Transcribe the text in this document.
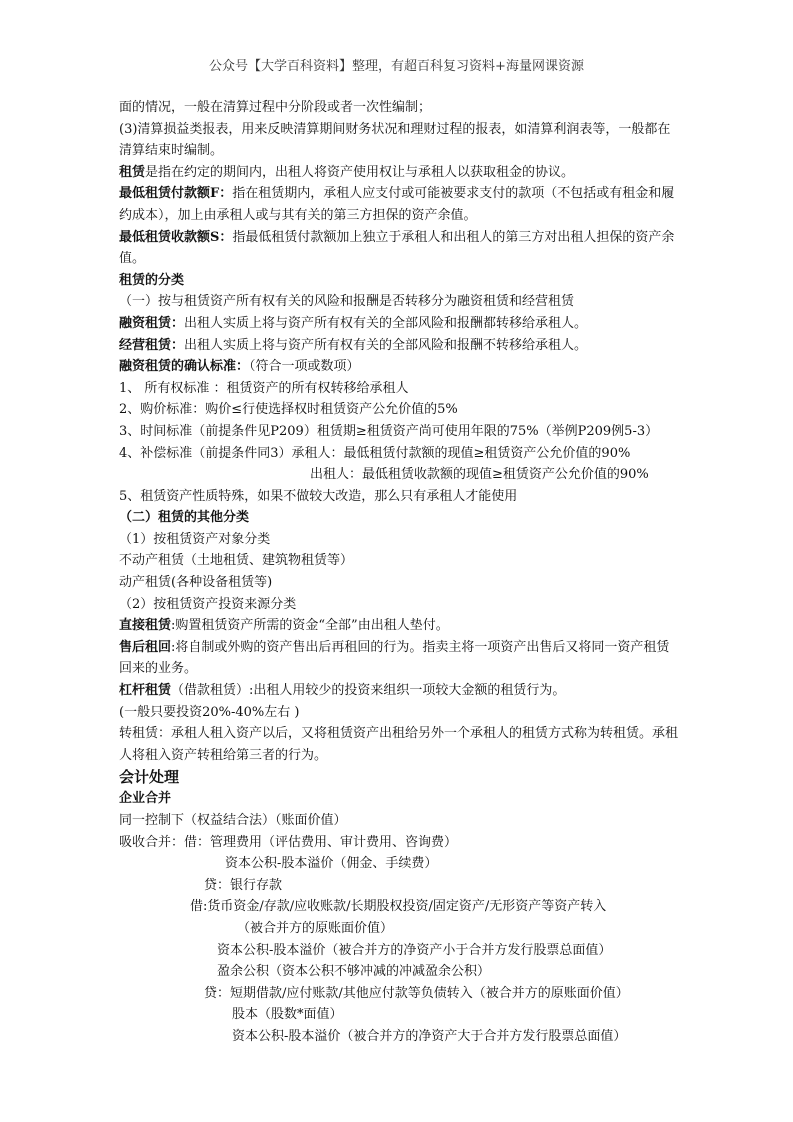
公众号【大学百科资料】整理，有超百科复习资料+海量网课资源
面的情况，一般在清算过程中分阶段或者一次性编制；
(3)清算损益类报表，用来反映清算期间财务状况和理财过程的报表，如清算利润表等，一般都在清算结束时编制。
租赁是指在约定的期间内，出租人将资产使用权让与承租人以获取租金的协议。
最低租赁付款额F：指在租赁期内，承租人应支付或可能被要求支付的款项（不包括或有租金和履约成本），加上由承租人或与其有关的第三方担保的资产余值。
最低租赁收款额S：指最低租赁付款额加上独立于承租人和出租人的第三方对出租人担保的资产余值。
租赁的分类
（一）按与租赁资产所有权有关的风险和报酬是否转移分为融资租赁和经营租赁
融资租赁：出租人实质上将与资产所有权有关的全部风险和报酬都转移给承租人。
经营租赁：出租人实质上将与资产所有权有关的全部风险和报酬不转移给承租人。
融资租赁的确认标准：（符合一项或数项）
1、 所有权标准 ：租赁资产的所有权转移给承租人
2、购价标准：购价≤行使选择权时租赁资产公允价值的5%
3、时间标准（前提条件见P209）租赁期≥租赁资产尚可使用年限的75%（举例P209例5-3）
4、补偿标准（前提条件同3）承租人：最低租赁付款额的现值≥租赁资产公允价值的90%
出租人：最低租赁收款额的现值≥租赁资产公允价值的90%
5、租赁资产性质特殊，如果不做较大改造，那么只有承租人才能使用
（二）租赁的其他分类
（1）按租赁资产对象分类
不动产租赁（土地租赁、建筑物租赁等）
动产租赁(各种设备租赁等)
（2）按租赁资产投资来源分类
直接租赁:购置租赁资产所需的资金“全部”由出租人垫付。
售后租回:将自制或外购的资产售出后再租回的行为。指卖主将一项资产出售后又将同一资产租赁回来的业务。
杠杆租赁（借款租赁）:出租人用较少的投资来组织一项较大金额的租赁行为。
(一般只要投资20%-40%左右 )
转租赁：承租人租入资产以后，又将租赁资产出租给另外一个承租人的租赁方式称为转租赁。承租人将租入资产转租给第三者的行为。
会计处理
企业合并
同一控制下（权益结合法）（账面价值）
吸收合并：借：管理费用（评估费用、审计费用、咨询费）
资本公积-股本溢价（佣金、手续费）
贷：银行存款
借:货币资金/存款/应收账款/长期股权投资/固定资产/无形资产等资产转入
（被合并方的原账面价值）
资本公积-股本溢价（被合并方的净资产小于合并方发行股票总面值）
盈余公积（资本公积不够冲减的冲减盈余公积）
贷：短期借款/应付账款/其他应付款等负债转入（被合并方的原账面价值）
股本（股数*面值）
资本公积-股本溢价（被合并方的净资产大于合并方发行股票总面值）
